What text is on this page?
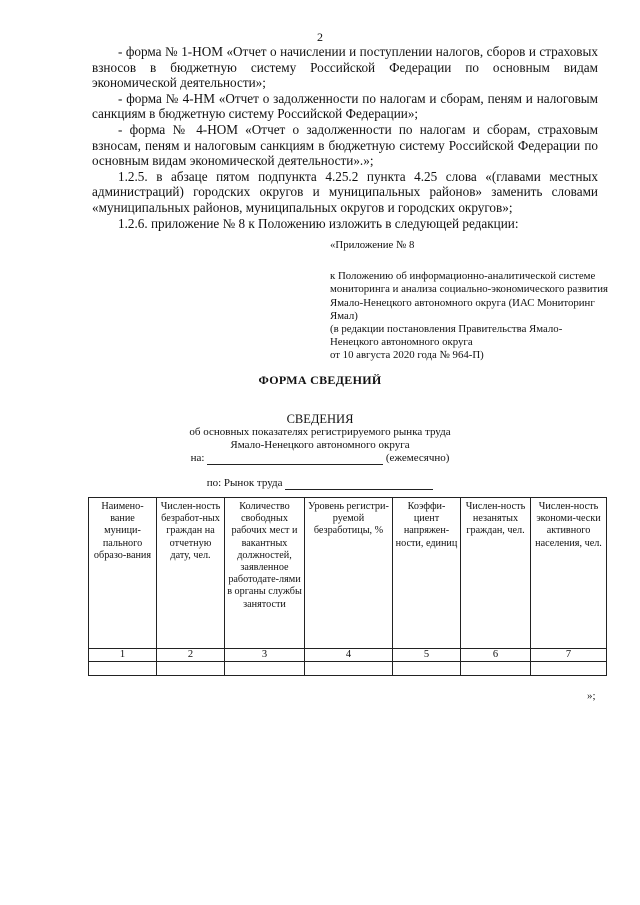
2

- форма № 1-НОМ «Отчет о начислении и поступлении налогов, сборов и страховых взносов в бюджетную систему Российской Федерации по основным видам экономической деятельности»;

- форма № 4-НМ «Отчет о задолженности по налогам и сборам, пеням и налоговым санкциям в бюджетную систему Российской Федерации»;

- форма № 4-НОМ «Отчет о задолженности по налогам и сборам, страховым взносам, пеням и налоговым санкциям в бюджетную систему Российской Федерации по основным видам экономической деятельности».»;

1.2.5. в абзаце пятом подпункта 4.25.2 пункта 4.25 слова «(главами местных администраций) городских округов и муниципальных районов» заменить словами «муниципальных районов, муниципальных округов и городских округов»;

1.2.6. приложение № 8 к Положению изложить в следующей редакции:

«Приложение № 8
к Положению об информационно-аналитической системе мониторинга и анализа социально-экономического развития Ямало-Ненецкого автономного округа (ИАС Мониторинг Ямал)
(в редакции постановления Правительства Ямало-Ненецкого автономного округа
от 10 августа 2020 года № 964-П)
ФОРМА СВЕДЕНИЙ
СВЕДЕНИЯ
об основных показателях регистрируемого рынка труда
Ямало-Ненецкого автономного округа
на:	(ежемесячно)
по: Рынок труда
Наимено-вание муници-пального образо-вания	Числен-ность безработ-ных граждан на отчетную дату, чел.	Количество свободных рабочих мест и вакантных должностей, заявленное работодате-лями в органы службы занятости	Уровень регистри-руемой безработицы, %	Коэффи-циент напряжен-ности, единиц	Числен-ность незанятых граждан, чел.	Числен-ность экономи-чески активного населения, чел.
1	2	3	4	5	6	7

»;
